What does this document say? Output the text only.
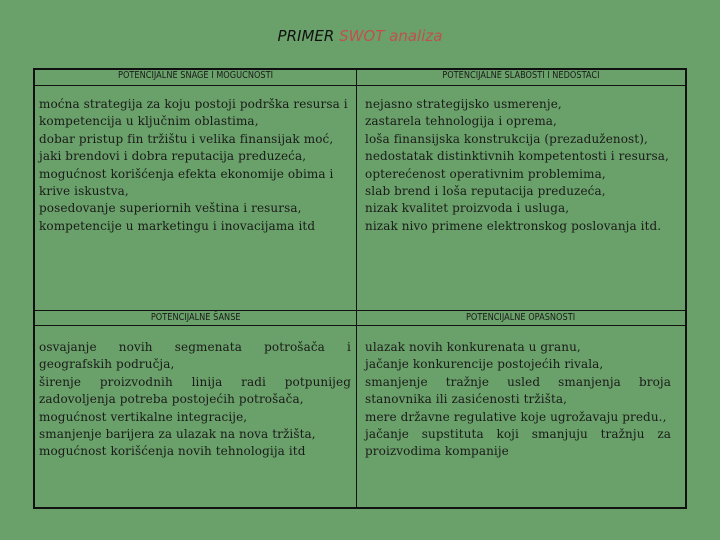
PRIMER SWOT analiza
POTENCIJALNE SNAGE I MOGUĆNOSTI	POTENCIJALNE SLABOSTI I NEDOSTACI
POTENCIJALNE ŠANSE	POTENCIJALNE OPASNOSTI

moćna strategija za koju postoji podrška resursa i kompetencija u ključnim oblastima,

dobar pristup fin tržištu i velika finansijak moć,

jaki brendovi i dobra reputacija preduzeća,

mogućnost korišćenja efekta ekonomije obima i krive iskustva,

posedovanje superiornih veština i resursa,

kompetencije u marketingu i inovacijama itd

nejasno strategijsko usmerenje,

zastarela tehnologija i oprema,

loša finansijska konstrukcija (prezaduženost),

nedostatak distinktivnih kompetentosti i resursa,

opterećenost operativnim problemima,

slab brend i loša reputacija preduzeća,

nizak kvalitet proizvoda i usluga,

nizak nivo primene elektronskog poslovanja itd.

osvajanje novih segmenata potrošača i geografskih područja,

širenje proizvodnih linija radi potpunijeg zadovoljenja potreba postojećih potrošača,

mogućnost vertikalne integracije,

smanjenje barijera za ulazak na nova tržišta,

mogućnost korišćenja novih tehnologija itd

ulazak novih konkurenata u granu,

jačanje konkurencije postojećih rivala,

smanjenje tražnje usled smanjenja broja stanovnika ili zasićenosti tržišta,

mere državne regulative koje ugrožavaju predu.,

jačanje supstituta koji smanjuju tražnju za proizvodima kompanije
